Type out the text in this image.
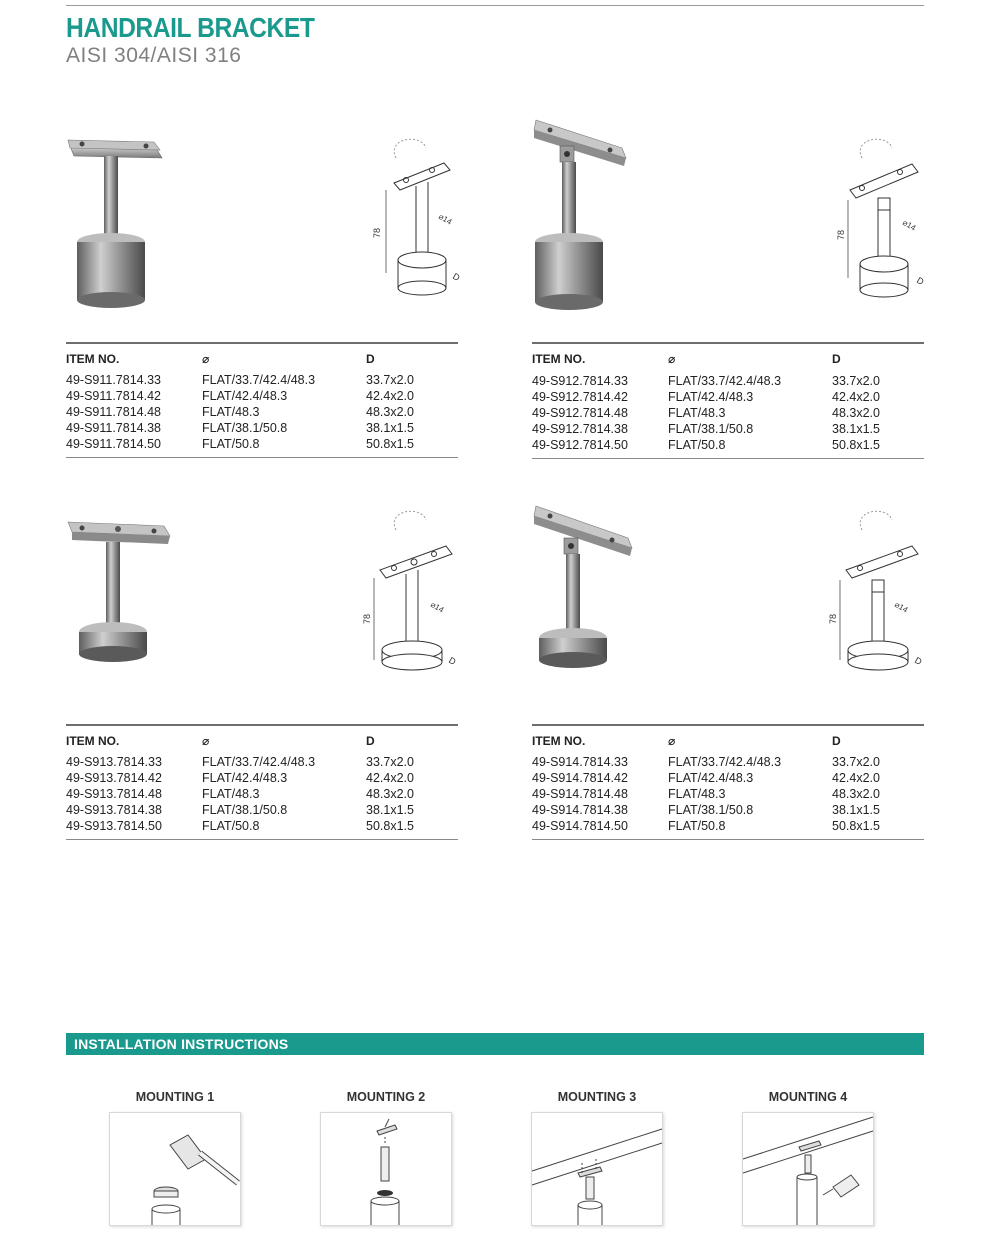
HANDRAIL BRACKET
AISI 304/AISI 316
78
⌀14
D
ITEM NO.	⌀	D
49-S911.7814.33	FLAT/33.7/42.4/48.3	33.7x2.0
49-S911.7814.42	FLAT/42.4/48.3	42.4x2.0
49-S911.7814.48	FLAT/48.3	48.3x2.0
49-S911.7814.38	FLAT/38.1/50.8	38.1x1.5
49-S911.7814.50	FLAT/50.8	50.8x1.5
78
⌀14
D
ITEM NO.	⌀	D
49-S912.7814.33	FLAT/33.7/42.4/48.3	33.7x2.0
49-S912.7814.42	FLAT/42.4/48.3	42.4x2.0
49-S912.7814.48	FLAT/48.3	48.3x2.0
49-S912.7814.38	FLAT/38.1/50.8	38.1x1.5
49-S912.7814.50	FLAT/50.8	50.8x1.5
78
⌀14
D
ITEM NO.	⌀	D
49-S913.7814.33	FLAT/33.7/42.4/48.3	33.7x2.0
49-S913.7814.42	FLAT/42.4/48.3	42.4x2.0
49-S913.7814.48	FLAT/48.3	48.3x2.0
49-S913.7814.38	FLAT/38.1/50.8	38.1x1.5
49-S913.7814.50	FLAT/50.8	50.8x1.5
78
⌀14
D
ITEM NO.	⌀	D
49-S914.7814.33	FLAT/33.7/42.4/48.3	33.7x2.0
49-S914.7814.42	FLAT/42.4/48.3	42.4x2.0
49-S914.7814.48	FLAT/48.3	48.3x2.0
49-S914.7814.38	FLAT/38.1/50.8	38.1x1.5
49-S914.7814.50	FLAT/50.8	50.8x1.5
INSTALLATION INSTRUCTIONS
MOUNTING 1	MOUNTING 2	MOUNTING 3	MOUNTING 4
